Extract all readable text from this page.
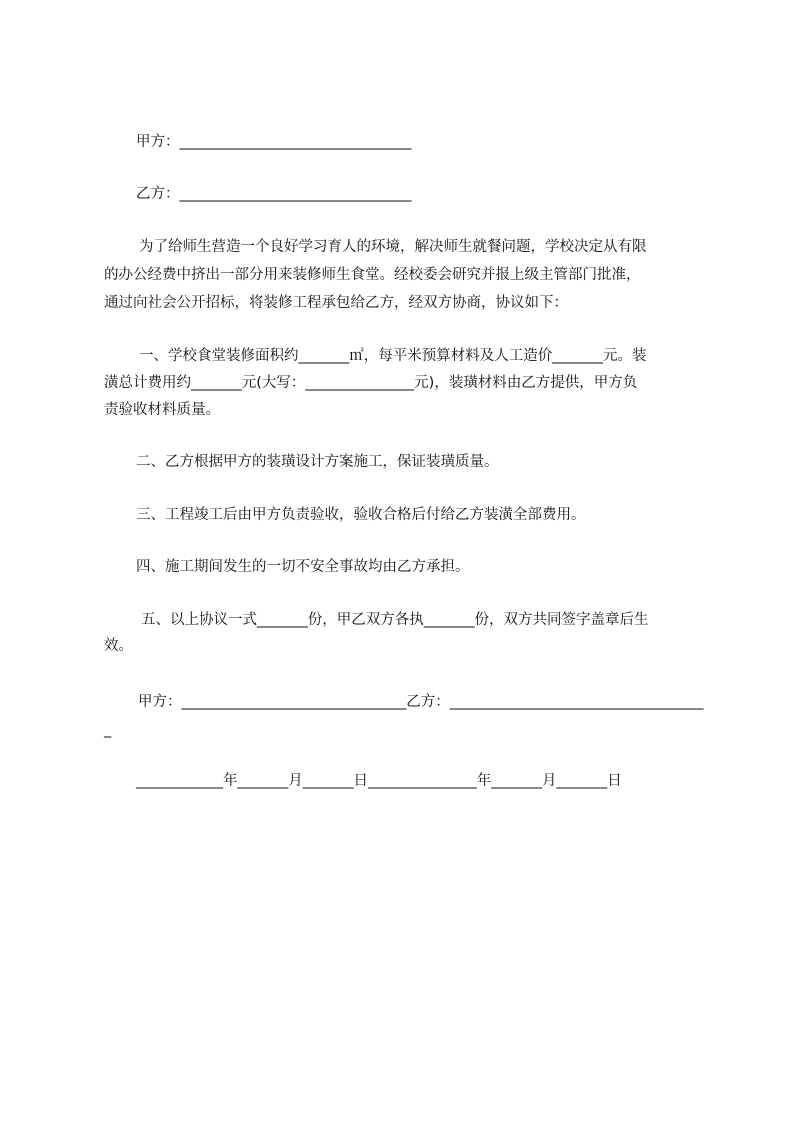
甲方：________________________________
乙方：________________________________
为了给师生营造一个良好学习育人的环境，解决师生就餐问题，学校决定从有限
的办公经费中挤出一部分用来装修师生食堂。经校委会研究并报上级主管部门批准，
通过向社会公开招标，将装修工程承包给乙方，经双方协商，协议如下：
一、学校食堂装修面积约_______㎡，每平米预算材料及人工造价_______元。装
潢总计费用约_______元(大写：_______________元)，装璜材料由乙方提供，甲方负
责验收材料质量。
二、乙方根据甲方的装璜设计方案施工，保证装璜质量。
三、工程竣工后由甲方负责验收，验收合格后付给乙方装潢全部费用。
四、施工期间发生的一切不安全事故均由乙方承担。
五、以上协议一式_______份，甲乙双方各执_______份，双方共同签字盖章后生
效。
甲方：_______________________________乙方：___________________________________
_
____________年_______月_______日_______________年_______月_______日
